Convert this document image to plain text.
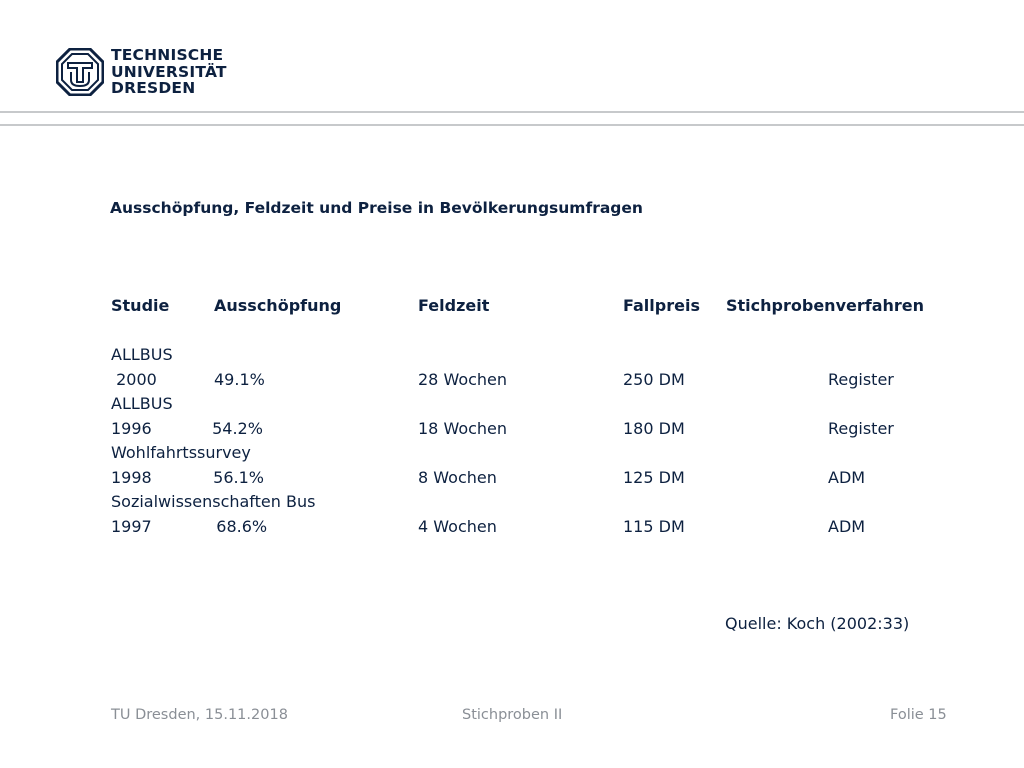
TECHNISCHE
UNIVERSITÄT
DRESDEN
Ausschöpfung, Feldzeit und Preise in Bevölkerungsumfragen
Studie	Ausschöpfung	Feldzeit	Fallpreis Stichprobenverfahren
ALLBUS
2000	49.1%	28 Wochen	250 DM	Register
ALLBUS
1996	54.2%	18 Wochen	180 DM	Register
Wohlfahrtssurvey
1998	56.1%	8 Wochen	125 DM	ADM
Sozialwissenschaften Bus
1997	68.6%	4 Wochen	115 DM	ADM
Quelle: Koch (2002:33)
TU Dresden, 15.11.2018	Stichproben II	Folie 15
